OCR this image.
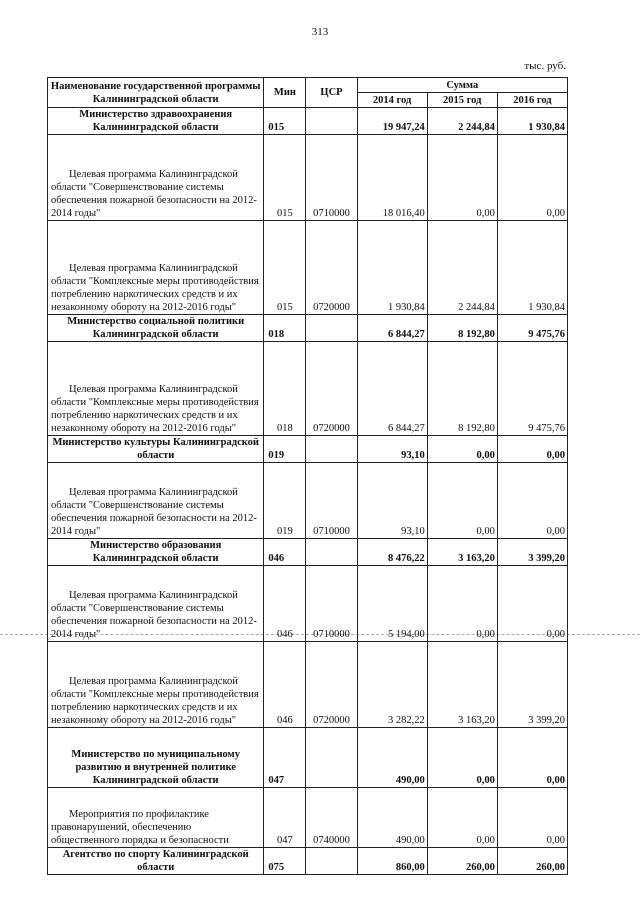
313
тыс. руб.
Наименование государственной программы Калининградской области	Мин	ЦСР	Сумма		
			2014 год	2015 год	2016 год
Министерство здравоохранения Калининградской области	015		19 947,24	2 244,84	1 930,84

Целевая программа Калининградской области "Совершенствование системы обеспечения пожарной безопасности на 2012-2014 годы"	015	0710000	18 016,40	0,00	0,00

Целевая программа Калининградской области "Комплексные меры противодействия потреблению наркотических средств и их незаконному обороту на 2012-2016 годы"	015	0720000	1 930,84	2 244,84	1 930,84
Министерство социальной политики Калининградской области	018		6 844,27	8 192,80	9 475,76

Целевая программа Калининградской области "Комплексные меры противодействия потреблению наркотических средств и их незаконному обороту на 2012-2016 годы"	018	0720000	6 844,27	8 192,80	9 475,76
Министерство культуры Калининградской области	019		93,10	0,00	0,00

Целевая программа Калининградской области "Совершенствование системы обеспечения пожарной безопасности на 2012-2014 годы"	019	0710000	93,10	0,00	0,00
Министерство образования Калининградской области	046		8 476,22	3 163,20	3 399,20

Целевая программа Калининградской области "Совершенствование системы обеспечения пожарной безопасности на 2012-2014 годы"	046	0710000	5 194,00	0,00	0,00

Целевая программа Калининградской области "Комплексные меры противодействия потреблению наркотических средств и их незаконному обороту на 2012-2016 годы"	046	0720000	3 282,22	3 163,20	3 399,20
Министерство по муниципальному развитию и внутренней политике Калининградской области	047		490,00	0,00	0,00

Мероприятия по профилактике правонарушений, обеспечению общественного порядка и безопасности	047	0740000	490,00	0,00	0,00
Агентство по спорту Калининградской области	075		860,00	260,00	260,00
